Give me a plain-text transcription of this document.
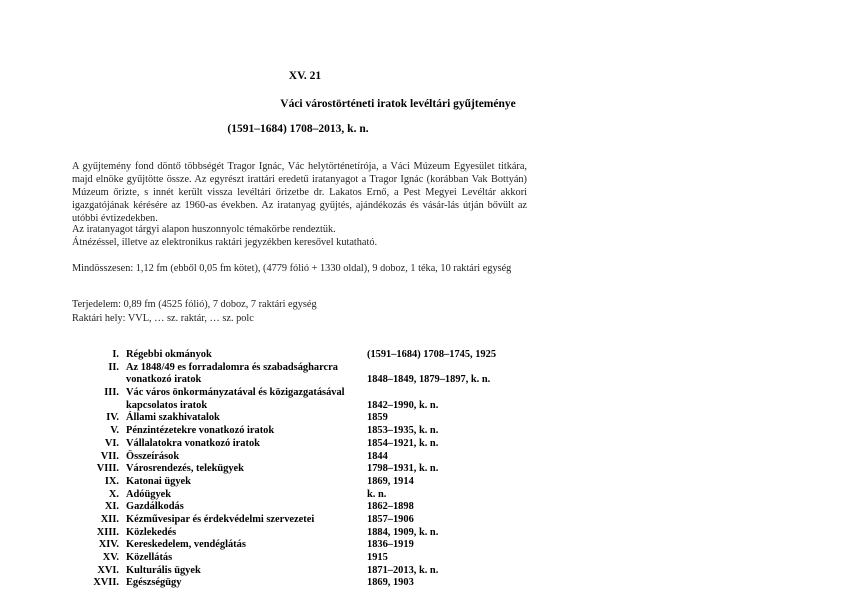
XV. 21
Váci várostörténeti iratok levéltári gyűjteménye
(1591–1684) 1708–2013, k. n.
A gyűjtemény fond döntő többségét Tragor Ignác, Vác helytörténetírója, a Váci Múzeum Egyesület titkára, majd elnöke gyűjtötte össze. Az egyrészt irattári eredetű iratanyagot a Tragor Ignác (korábban Vak Bottyán) Múzeum őrizte, s innét került vissza levéltári őrizetbe dr. Lakatos Ernő, a Pest Megyei Levéltár akkori igazgatójának kérésére az 1960-as években. Az iratanyag gyűjtés, ajándékozás és vásár-lás útján bővült az utóbbi évtizedekben.
Az iratanyagot tárgyi alapon huszonnyolc témakörbe rendeztük.
Átnézéssel, illetve az elektronikus raktári jegyzékben keresővel kutatható.
Mindösszesen: 1,12 fm (ebből 0,05 fm kötet), (4779 fólió + 1330 oldal), 9 doboz, 1 téka, 10 raktári egység
Terjedelem: 0,89 fm (4525 fólió), 7 doboz, 7 raktári egység
Raktári hely: VVL, … sz. raktár, … sz. polc
I. Régebbi okmányok	(1591–1684) 1708–1745, 1925
II. Az 1848/49 es forradalomra és szabadságharcra vonatkozó iratok	1848–1849, 1879–1897, k. n.
III. Vác város önkormányzatával és közigazgatásával kapcsolatos iratok	1842–1990, k. n.
IV. Állami szakhivatalok	1859
V. Pénzintézetekre vonatkozó iratok	1853–1935, k. n.
VI. Vállalatokra vonatkozó iratok	1854–1921, k. n.
VII. Összeírások	1844
VIII. Városrendezés, telekügyek	1798–1931, k. n.
IX. Katonai ügyek	1869, 1914
X. Adóügyek	k. n.
XI. Gazdálkodás	1862–1898
XII. Kézművesipar és érdekvédelmi szervezetei	1857–1906
XIII. Közlekedés	1884, 1909, k. n.
XIV. Kereskedelem, vendéglátás	1836–1919
XV. Közellátás	1915
XVI. Kulturális ügyek	1871–2013, k. n.
XVII. Egészségügy	1869, 1903
